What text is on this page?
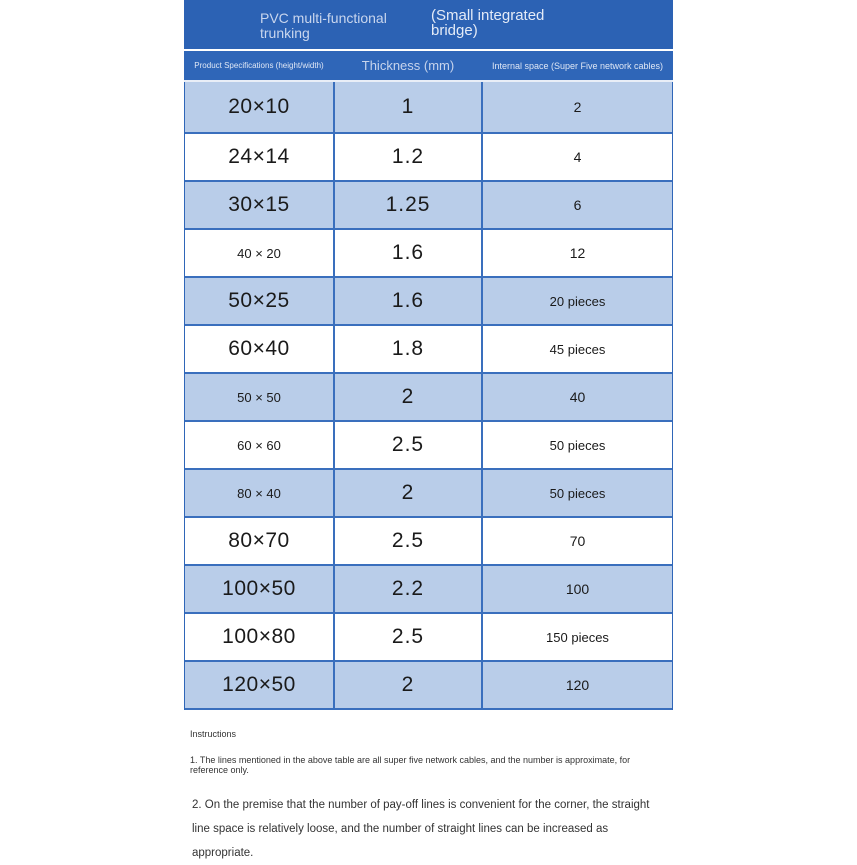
PVC multi-functional trunking
(Small integrated bridge)
Product Specifications (height/width)	Thickness (mm)	Internal space (Super Five network cables)
20×10	1	2
24×14	1.2	4
30×15	1.25	6
40 × 20	1.6	12
50×25	1.6	20 pieces
60×40	1.8	45 pieces
50 × 50	2	40
60 × 60	2.5	50 pieces
80 × 40	2	50 pieces
80×70	2.5	70
100×50	2.2	100
100×80	2.5	150 pieces
120×50	2	120
Instructions
1. The lines mentioned in the above table are all super five network cables, and the number is approximate, for reference only.
2. On the premise that the number of pay-off lines is convenient for the corner, the straight line space is relatively loose, and the number of straight lines can be increased as appropriate.
